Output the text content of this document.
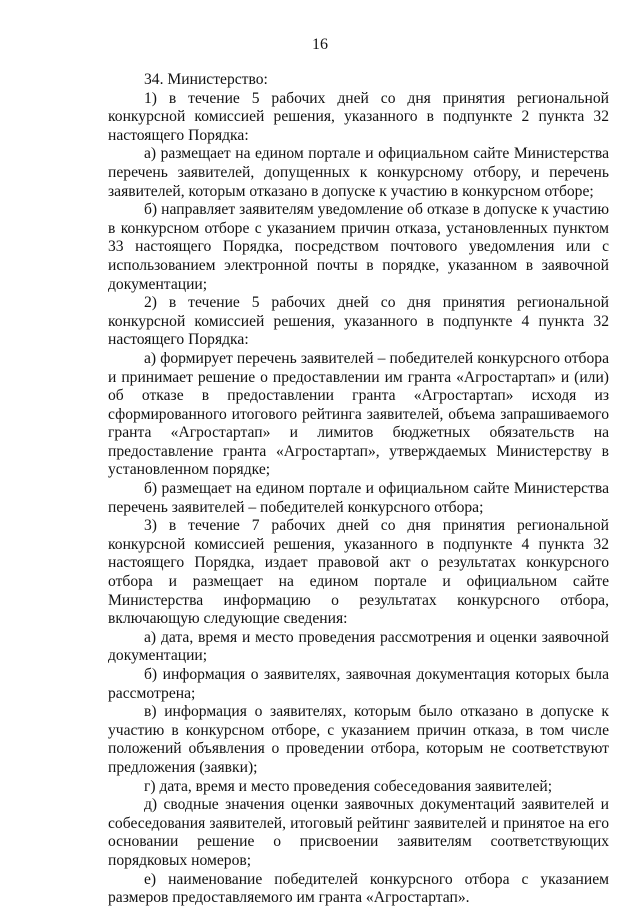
16

34. Министерство:

1) в течение 5 рабочих дней со дня принятия региональной конкурсной комиссией решения, указанного в подпункте 2 пункта 32 настоящего Порядка:

а) размещает на едином портале и официальном сайте Министерства перечень заявителей, допущенных к конкурсному отбору, и перечень заявителей, которым отказано в допуске к участию в конкурсном отборе;

б) направляет заявителям уведомление об отказе в допуске к участию в конкурсном отборе с указанием причин отказа, установленных пунктом 33 настоящего Порядка, посредством почтового уведомления или с использованием электронной почты в порядке, указанном в заявочной документации;

2) в течение 5 рабочих дней со дня принятия региональной конкурсной комиссией решения, указанного в подпункте 4 пункта 32 настоящего Порядка:

а) формирует перечень заявителей – победителей конкурсного отбора и принимает решение о предоставлении им гранта «Агростартап» и (или) об отказе в предоставлении гранта «Агростартап» исходя из сформированного итогового рейтинга заявителей, объема запрашиваемого гранта «Агростартап» и лимитов бюджетных обязательств на предоставление гранта «Агростартап», утверждаемых Министерству в установленном порядке;

б) размещает на едином портале и официальном сайте Министерства перечень заявителей – победителей конкурсного отбора;

3) в течение 7 рабочих дней со дня принятия региональной конкурсной комиссией решения, указанного в подпункте 4 пункта 32 настоящего Порядка, издает правовой акт о результатах конкурсного отбора и размещает на едином портале и официальном сайте Министерства информацию о результатах конкурсного отбора, включающую следующие сведения:

а) дата, время и место проведения рассмотрения и оценки заявочной документации;

б) информация о заявителях, заявочная документация которых была рассмотрена;

в) информация о заявителях, которым было отказано в допуске к участию в конкурсном отборе, с указанием причин отказа, в том числе положений объявления о проведении отбора, которым не соответствуют предложения (заявки);

г) дата, время и место проведения собеседования заявителей;

д) сводные значения оценки заявочных документаций заявителей и собеседования заявителей, итоговый рейтинг заявителей и принятое на его основании решение о присвоении заявителям соответствующих порядковых номеров;

е) наименование победителей конкурсного отбора с указанием размеров предоставляемого им гранта «Агростартап».
